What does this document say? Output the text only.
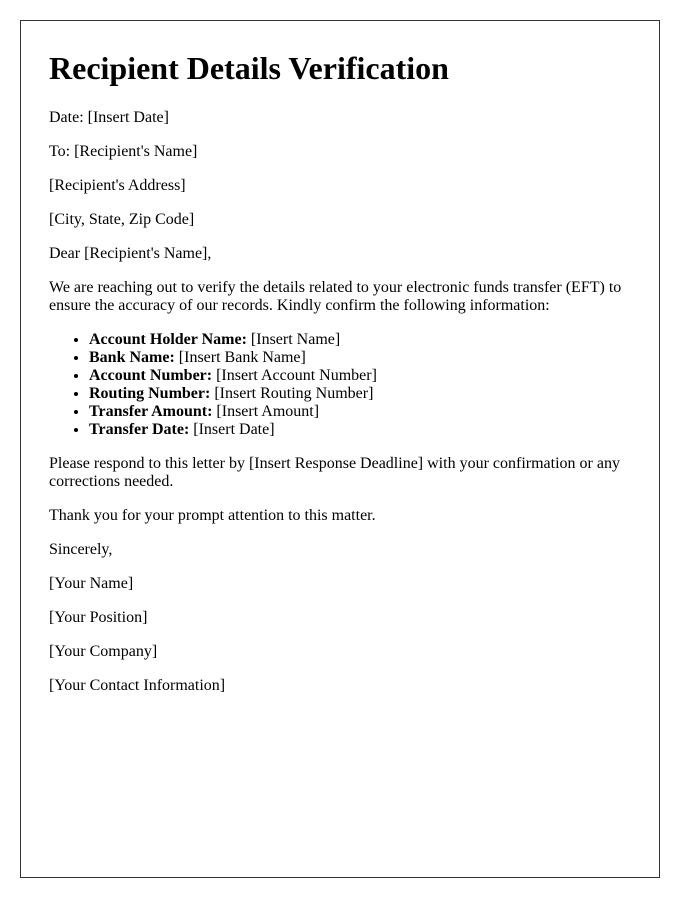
Recipient Details Verification

Date: [Insert Date]

To: [Recipient's Name]

[Recipient's Address]

[City, State, Zip Code]

Dear [Recipient's Name],

We are reaching out to verify the details related to your electronic funds transfer (EFT) to ensure the accuracy of our records. Kindly confirm the following information:

• Account Holder Name: [Insert Name]
• Bank Name: [Insert Bank Name]
• Account Number: [Insert Account Number]
• Routing Number: [Insert Routing Number]
• Transfer Amount: [Insert Amount]
• Transfer Date: [Insert Date]

Please respond to this letter by [Insert Response Deadline] with your confirmation or any corrections needed.

Thank you for your prompt attention to this matter.

Sincerely,

[Your Name]

[Your Position]

[Your Company]

[Your Contact Information]
